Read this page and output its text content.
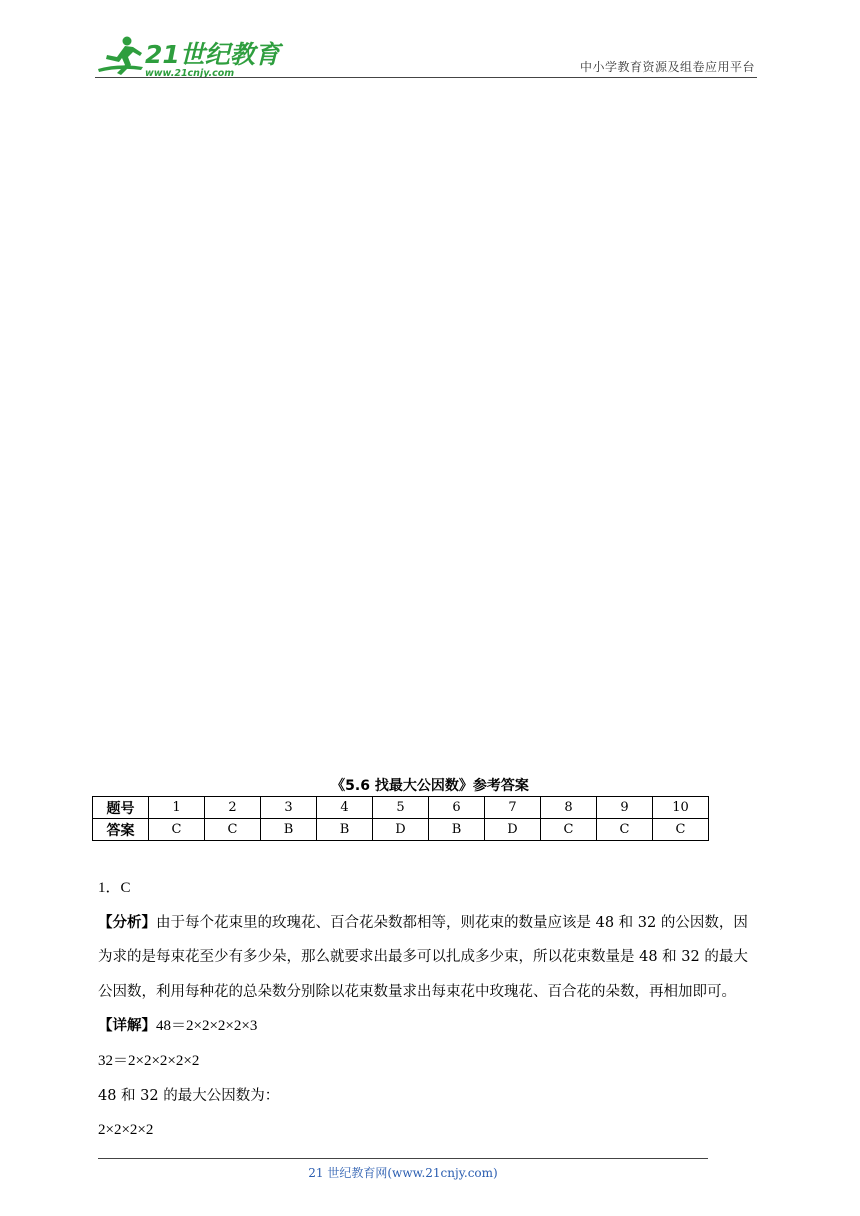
21世纪教育
www.21cnjy.com	中小学教育资源及组卷应用平台
《5.6 找最大公因数》参考答案
题号	1	2	3	4	5	6	7	8	9	10
答案	C	C	B	B	D	B	D	C	C	C

1．C

【分析】由于每个花束里的玫瑰花、百合花朵数都相等，则花束的数量应该是 48 和 32 的公因数，因

为求的是每束花至少有多少朵，那么就要求出最多可以扎成多少束，所以花束数量是 48 和 32 的最大

公因数，利用每种花的总朵数分别除以花束数量求出每束花中玫瑰花、百合花的朵数，再相加即可。

【详解】48＝2×2×2×2×3

32＝2×2×2×2×2

48 和 32 的最大公因数为：

2×2×2×2

21 世纪教育网(www.21cnjy.com)
